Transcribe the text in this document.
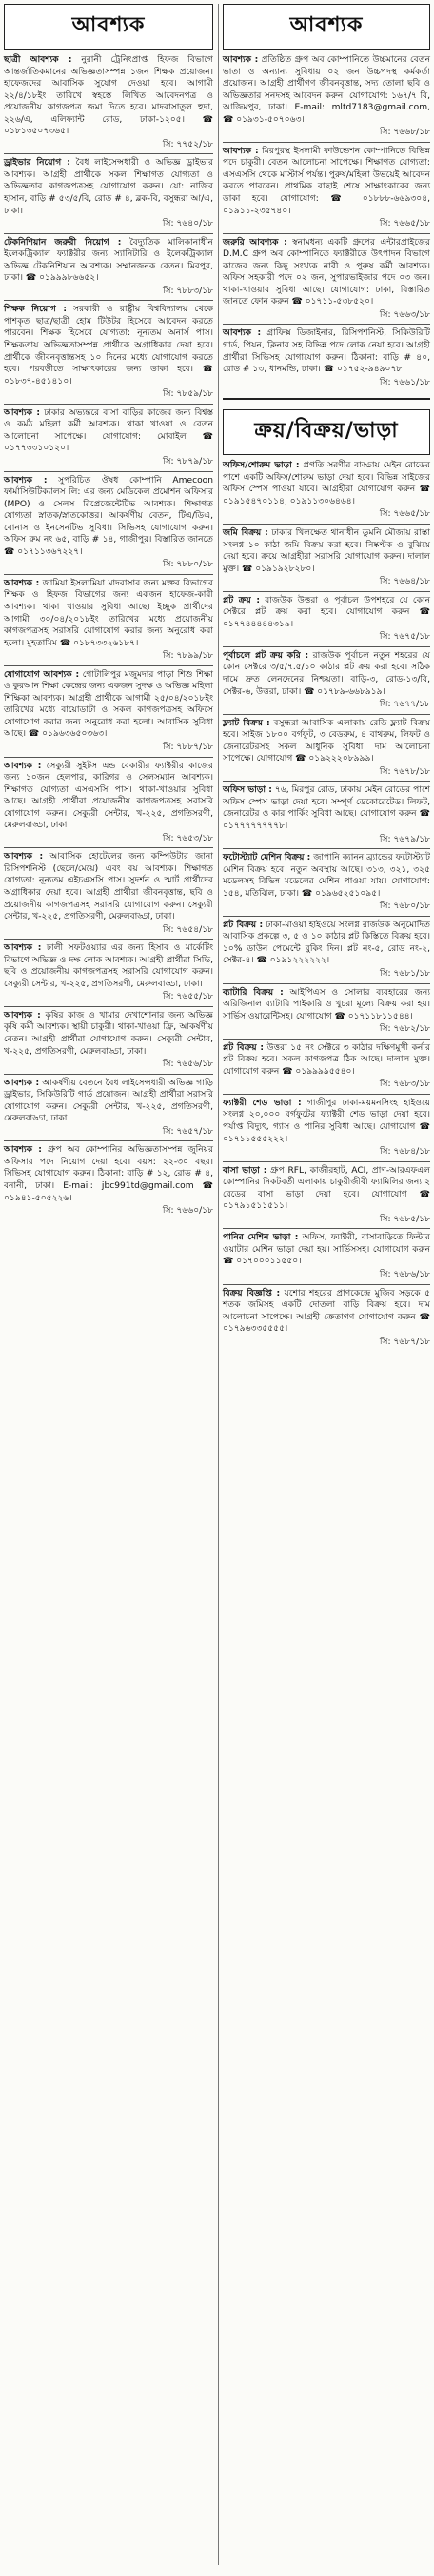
আবশ্যক
ছাত্রী আবশ্যক : নুরানী ট্রেনিংপ্রাপ্ত হিফজ বিভাগে আন্তর্জাতিকমানের অভিজ্ঞতাসম্পন্ন ১জন শিক্ষক প্রয়োজন। হাফেজদের আবাসিক সুযোগ দেওয়া হবে। আগামী ২২/৪/১৮ইং তারিখে স্বহস্তে লিখিত আবেদনপত্র ও প্রয়োজনীয় কাগজপত্র জমা দিতে হবে। মাদরাসাতুল হুদা, ২২৬/এ, এলিফ্যান্ট রোড, ঢাকা-১২০৫। ☎ ০১৮১৩৫০৭৩৬৫।
সি: ৭৭৫২/১৮
ড্রাইভার নিয়োগ : বৈধ লাইসেন্সধারী ও অভিজ্ঞ ড্রাইভার আবশ্যক। আগ্রহী প্রার্থীকে সকল শিক্ষাগত যোগ্যতা ও অভিজ্ঞতার কাগজপত্রসহ যোগাযোগ করুন। যো: নাজির হাসান, বাড়ি # ৫৩/৫/বি, রোড # ৪, ব্লক-বি, বসুন্ধরা আ/এ, ঢাকা।
সি: ৭৬৪০/১৮
টেকনিশিয়ান জরুরী নিয়োগ : বৈদ্যুতিক মালিকানাধীন ইলেকট্রিক্যাল ফ্যাক্টরীর জন্য স্যানিটারি ও ইলেকট্রিক্যাল অভিজ্ঞ টেকনিশিয়ান আবশ্যক। সম্মানজনক বেতন। মিরপুর, ঢাকা। ☎ ০১৯৯৯৮৬৬৫২।
সি: ৭৮৮৩/১৮
শিক্ষক নিয়োগ : সরকারী ও রাষ্ট্রীয় বিশ্ববিদ্যালয় থেকে পাশকৃত ছাত্র/ছাত্রী হোম টিউটর হিসেবে আবেদন করতে পারবেন। শিক্ষক হিসেবে যোগ্যতা: নূন্যতম অনার্স পাস। শিক্ষকতায় অভিজ্ঞতাসম্পন্ন প্রার্থীকে অগ্রাধিকার দেয়া হবে। প্রার্থীকে জীবনবৃত্তান্তসহ ১০ দিনের মধ্যে যোগাযোগ করতে হবে। পরবর্তীতে সাক্ষাৎকারের জন্য ডাকা হবে। ☎ ০১৮৩৭-৪৫১৪১০।
সি: ৭৮৫৯/১৮
আবশ্যক : ঢাকার অভ্যন্তরে বাসা বাড়ির কাজের জন্য বিশ্বস্ত ও কর্মঠ মহিলা কর্মী আবশ্যক। থাকা খাওয়া ও বেতন আলোচনা সাপেক্ষে। যোগাযোগ: মোবাইল ☎ ০১৭৭৩৩১০১২০।
সি: ৭৮৭৯/১৮
আবশ্যক : সুপরিচিত ঔষধ কোম্পানি Amecoon ফার্মাসিউটিক্যালস লি: এর জন্য মেডিকেল প্রমোশন অফিসার (MPO) ও সেলস রিপ্রেজেন্টেটিভ আবশ্যক। শিক্ষাগত যোগ্যতা স্নাতক/স্নাতকোত্তর। আকর্ষণীয় বেতন, টিএ/ডিএ, বোনাস ও ইনসেনটিভ সুবিধা। সিভিসহ যোগাযোগ করুন। অফিস রুম নং ৬৫, বাড়ি # ১৪, গাজীপুর। বিস্তারিত জানতে ☎ ০১৭১১৩৬৭২২৭।
সি: ৭৮৮০/১৮
আবশ্যক : জামিয়া ইসলামিয়া মাদরাসার জন্য মক্তব বিভাগের শিক্ষক ও হিফজ বিভাগের জন্য একজন হাফেজ-কারী আবশ্যক। থাকা খাওয়ার সুবিধা আছে। ইচ্ছুক প্রার্থীদের আগামী ৩০/০৪/২০১৮ইং তারিখের মধ্যে প্রয়োজনীয় কাগজপত্রসহ সরাসরি যোগাযোগ করার জন্য অনুরোধ করা হলো। মুহতামিম ☎ ০১৮৭৩৩২৬১৮৭।
সি: ৭৮৯৯/১৮
যোগাযোগ আবশ্যক : গোটালিপুর মজুমদার পাড়া শিশু শিক্ষা ও কুরআন শিক্ষা কেন্দ্রের জন্য একজন সুদক্ষ ও অভিজ্ঞ মহিলা শিক্ষিকা আবশ্যক। আগ্রহী প্রার্থীকে আগামী ২৫/০৪/২০১৮ইং তারিখের মধ্যে বায়োডাটা ও সকল কাগজপত্রসহ অফিসে যোগাযোগ করার জন্য অনুরোধ করা হলো। আবাসিক সুবিধা আছে। ☎ ০১৯৬৩৬৫০৩৬৩।
সি: ৭৮৮৭/১৮
আবশ্যক : সেক্যুরী সুইটস এন্ড বেকারীর ফ্যাক্টরীর কাজের জন্য ১০জন হেলপার, কারিগর ও সেলসম্যান আবশ্যক। শিক্ষাগত যোগ্যতা এসএসসি পাস। থাকা-খাওয়ার সুবিধা আছে। আগ্রহী প্রার্থীরা প্রয়োজনীয় কাগজপত্রসহ সরাসরি যোগাযোগ করুন। সেক্যুরী সেন্টার, খ-২২৫, প্রগতিসরণী, মেরুলবাড্ডা, ঢাকা।
সি: ৭৬৫৩/১৮
আবশ্যক : আবাসিক হোটেলের জন্য কম্পিউটার জানা রিসিপশনিস্ট (ছেলে/মেয়ে) এবং বয় আবশ্যক। শিক্ষাগত যোগ্যতা: নূন্যতম এইচএসসি পাস। সুদর্শন ও স্মার্ট প্রার্থীদের অগ্রাধিকার দেয়া হবে। আগ্রহী প্রার্থীরা জীবনবৃত্তান্ত, ছবি ও প্রয়োজনীয় কাগজপত্রসহ সরাসরি যোগাযোগ করুন। সেক্যুরী সেন্টার, খ-২২৫, প্রগতিসরণী, মেরুলবাড্ডা, ঢাকা।
সি: ৭৬৫৪/১৮
আবশ্যক : ঢালী সফটওয়্যার এর জন্য হিসাব ও মার্কেটিং বিভাগে অভিজ্ঞ ও দক্ষ লোক আবশ্যক। আগ্রহী প্রার্থীরা সিভি, ছবি ও প্রয়োজনীয় কাগজপত্রসহ সরাসরি যোগাযোগ করুন। সেক্যুরী সেন্টার, খ-২২৫, প্রগতিসরণী, মেরুলবাড্ডা, ঢাকা।
সি: ৭৬৫৫/১৮
আবশ্যক : কৃষির কাজ ও খামার দেখাশোনার জন্য অভিজ্ঞ কৃষি কর্মী আবশ্যক। স্থায়ী চাকুরী। থাকা-খাওয়া ফ্রি, আকর্ষণীয় বেতন। আগ্রহী প্রার্থীরা যোগাযোগ করুন। সেক্যুরী সেন্টার, খ-২২৫, প্রগতিসরণী, মেরুলবাড্ডা, ঢাকা।
সি: ৭৬৫৬/১৮
আবশ্যক : আকর্ষণীয় বেতনে বৈধ লাইসেন্সধারী অভিজ্ঞ গাড়ি ড্রাইভার, সিকিউরিটি গার্ড প্রয়োজন। আগ্রহী প্রার্থীরা সরাসরি যোগাযোগ করুন। সেক্যুরী সেন্টার, খ-২২৫, প্রগতিসরণী, মেরুলবাড্ডা, ঢাকা।
সি: ৭৬৫৭/১৮
আবশ্যক : গ্রুপ অব কোম্পানির অভিজ্ঞতাসম্পন্ন জুনিয়র অফিসার পদে নিয়োগ দেয়া হবে। বয়স: ২২-৩০ বছর। সিভিসহ যোগাযোগ করুন। ঠিকানা: বাড়ি # ১২, রোড # ৪, বনানী, ঢাকা। E-mail: jbc991td@gmail.com ☎ ০১৯৪১-৫০৫২২৬।
সি: ৭৬৬০/১৮
আবশ্যক
আবশ্যক : প্রতিষ্ঠিত গ্রুপ অব কোম্পানিতে উচ্চমানের বেতন ভাতা ও অন্যান্য সুবিধায় ০২ জন উচ্চপদস্থ কর্মকর্তা প্রয়োজন। আগ্রহী প্রার্থীগণ জীবনবৃত্তান্ত, সদ্য তোলা ছবি ও অভিজ্ঞতার সনদসহ আবেদন করুন। যোগাযোগ: ১৬৭/৭ বি, আজিমপুর, ঢাকা। E-mail: mltd7183@gmail.com, ☎ ০১৯৩১-৫০৭০৬৩।
সি: ৭৬৬৮/১৮
আবশ্যক : মিরপুরস্থ ইসলামী ফাউন্ডেশন কোম্পানিতে বিভিন্ন পদে চাকুরী। বেতন আলোচনা সাপেক্ষে। শিক্ষাগত যোগ্যতা: এসএসসি থেকে মাস্টার্স পর্যন্ত। পুরুষ/মহিলা উভয়েই আবেদন করতে পারবেন। প্রাথমিক বাছাই শেষে সাক্ষাৎকারের জন্য ডাকা হবে। যোগাযোগ: ☎ ০১৮৮৮-৬৬৯৩০৪, ০১৯১১-২৩৫৭৪০।
সি: ৭৬৬৫/১৮
জরুরি আবশ্যক : স্বনামধন্য একটি গ্রুপের এন্টারপ্রাইজের D.M.C গ্রুপ অব কোম্পানিতে ফ্যাক্টরীতে উৎপাদন বিভাগে কাজের জন্য কিছু সংখ্যক নারী ও পুরুষ কর্মী আবশ্যক। অফিস সহকারী পদে ০২ জন, সুপারভাইজার পদে ০৩ জন। থাকা-খাওয়ার সুবিধা আছে। যোগাযোগ: ঢাকা, বিস্তারিত জানতে ফোন করুন ☎ ০১৭১১-৫৩৮৫২০।
সি: ৭৬৬৩/১৮
আবশ্যক : গ্রাফিক্স ডিজাইনার, রিসিপশনিস্ট, সিকিউরিটি গার্ড, পিয়ন, ক্লিনার সহ বিভিন্ন পদে লোক নেয়া হবে। আগ্রহী প্রার্থীরা সিভিসহ যোগাযোগ করুন। ঠিকানা: বাড়ি # ৪০, রোড # ১৩, ধানমন্ডি, ঢাকা। ☎ ০১৭৫২-৯৪৯০৭৮।
সি: ৭৬৬১/১৮
ক্রয়/বিক্রয়/ভাড়া
অফিস/শোরুম ভাড়া : প্রগতি সরণীর বাড্ডায় মেইন রোডের পাশে একটি অফিস/শোরুম ভাড়া দেয়া হবে। বিভিন্ন সাইজের অফিস স্পেস পাওয়া যাবে। আগ্রহীরা যোগাযোগ করুন ☎ ০১৯১৫৪৭০১১৪, ০১৯১১৩০৬৪৬৪।
সি: ৭৬৬৫/১৮
জমি বিক্রয় : ঢাকার খিলক্ষেত থানাধীন ডুমনি মৌজায় রাস্তা সংলগ্ন ১০ কাঠা জমি বিক্রয় করা হবে। নিষ্কণ্টক ও বুঝিয়ে দেয়া হবে। ক্রয়ে আগ্রহীরা সরাসরি যোগাযোগ করুন। দালাল মুক্ত। ☎ ০১৯১৯২৮২৮০।
সি: ৭৬৬৪/১৮
প্লট ক্রয় : রাজউক উত্তরা ও পূর্বাচল উপশহরে যে কোন সেক্টরে প্লট ক্রয় করা হবে। যোগাযোগ করুন ☎ ০১৭৭৪৪৪৪৪৩১৯।
সি: ৭৬৭৫/১৮
পূর্বাচলে প্লট ক্রয় করি : রাজউক পূর্বাচল নতুন শহরের যে কোন সেক্টরে ৩/৫/৭.৫/১০ কাঠার প্লট ক্রয় করা হবে। সঠিক দামে দ্রুত লেনদেনের নিশ্চয়তা। বাড়ি-৩, রোড-১৩/বি, সেক্টর-৬, উত্তরা, ঢাকা। ☎ ০১৭৮৯-৬৬৮৯১৯।
সি: ৭৬৭৭/১৮
ফ্ল্যাট বিক্রয় : বসুন্ধরা আবাসিক এলাকায় রেডি ফ্ল্যাট বিক্রয় হবে। সাইজ ১৮০০ বর্গফুট, ৩ বেডরুম, ৪ বাথরুম, লিফট ও জেনারেটরসহ সকল আধুনিক সুবিধা। দাম আলোচনা সাপেক্ষে। যোগাযোগ ☎ ০১৯২২২০৮৯৯৯।
সি: ৭৬৭৮/১৮
অফিস ভাড়া : ৭৬, মিরপুর রোড, ঢাকায় মেইন রোডের পাশে অফিস স্পেস ভাড়া দেয়া হবে। সম্পূর্ণ ডেকোরেটেড। লিফট, জেনারেটর ও কার পার্কিং সুবিধা আছে। যোগাযোগ করুন ☎ ০১৭৭৭৭৭৭৭৭৮।
সি: ৭৬৭৯/১৮
ফটোস্ট্যাট মেশিন বিক্রয় : জাপানি ক্যানন ব্র্যান্ডের ফটোস্ট্যাট মেশিন বিক্রয় হবে। নতুন অবস্থায় আছে। ৩১৩, ৩২১, ৩২৫ মডেলসহ বিভিন্ন মডেলের মেশিন পাওয়া যায়। যোগাযোগ: ১৫৪, মতিঝিল, ঢাকা। ☎ ০১৯৬৫২৫১০৯৫।
সি: ৭৬৮০/১৮
প্লট বিক্রয় : ঢাকা-মাওয়া হাইওয়ে সংলগ্ন রাজউক অনুমোদিত আবাসিক প্রকল্পে ৩, ৫ ও ১০ কাঠার প্লট কিস্তিতে বিক্রয় হবে। ১০% ডাউন পেমেন্টে বুকিং দিন। প্লট নং-৫, রোড নং-২, সেক্টর-৪। ☎ ০১৯১২২২২২২।
সি: ৭৬৮১/১৮
ব্যাটারি বিক্রয় : আইপিএস ও সোলার ব্যবহারের জন্য অরিজিনাল ব্যাটারি পাইকারি ও খুচরা মূল্যে বিক্রয় করা হয়। সার্ভিস ওয়ারেন্টিসহ। যোগাযোগ ☎ ০১৭১১৮১১৫৪৪।
সি: ৭৬৮২/১৮
প্লট বিক্রয় : উত্তরা ১৫ নং সেক্টরে ৩ কাঠার দক্ষিণমুখী কর্নার প্লট বিক্রয় হবে। সকল কাগজপত্র ঠিক আছে। দালাল মুক্ত। যোগাযোগ করুন ☎ ০১৯৯৯৯৫৫৪০।
সি: ৭৬৮৩/১৮
ফ্যাক্টরী শেড ভাড়া : গাজীপুর ঢাকা-ময়মনসিংহ হাইওয়ে সংলগ্ন ২০,০০০ বর্গফুটের ফ্যাক্টরী শেড ভাড়া দেয়া হবে। পর্যাপ্ত বিদ্যুৎ, গ্যাস ও পানির সুবিধা আছে। যোগাযোগ ☎ ০১৭১১৫৫৫২২২।
সি: ৭৬৮৪/১৮
বাসা ভাড়া : গ্রুপ RFL, কাজীরহাট, ACI, প্রাণ-আরএফএল কোম্পানির নিকটবর্তী এলাকায় চাকুরীজীবী ফ্যামিলির জন্য ২ বেডের বাসা ভাড়া দেয়া হবে। যোগাযোগ ☎ ০১৭৯১৫১১৫১১।
সি: ৭৬৮৫/১৮
পানির মেশিন ভাড়া : অফিস, ফ্যাক্টরী, বাসাবাড়িতে ফিল্টার ওয়াটার মেশিন ভাড়া দেয়া হয়। সার্ভিসসহ। যোগাযোগ করুন ☎ ০১৭০০০১১৫৫০।
সি: ৭৬৮৬/১৮
বিক্রয় বিজ্ঞপ্তি : যশোর শহরের প্রাণকেন্দ্রে মুজিব সড়কে ৫ শতক জমিসহ একটি দোতলা বাড়ি বিক্রয় হবে। দাম আলোচনা সাপেক্ষে। আগ্রহী ক্রেতাগণ যোগাযোগ করুন ☎ ০১৭৯৬৩৩৫৫৫৫।
সি: ৭৬৮৭/১৮
